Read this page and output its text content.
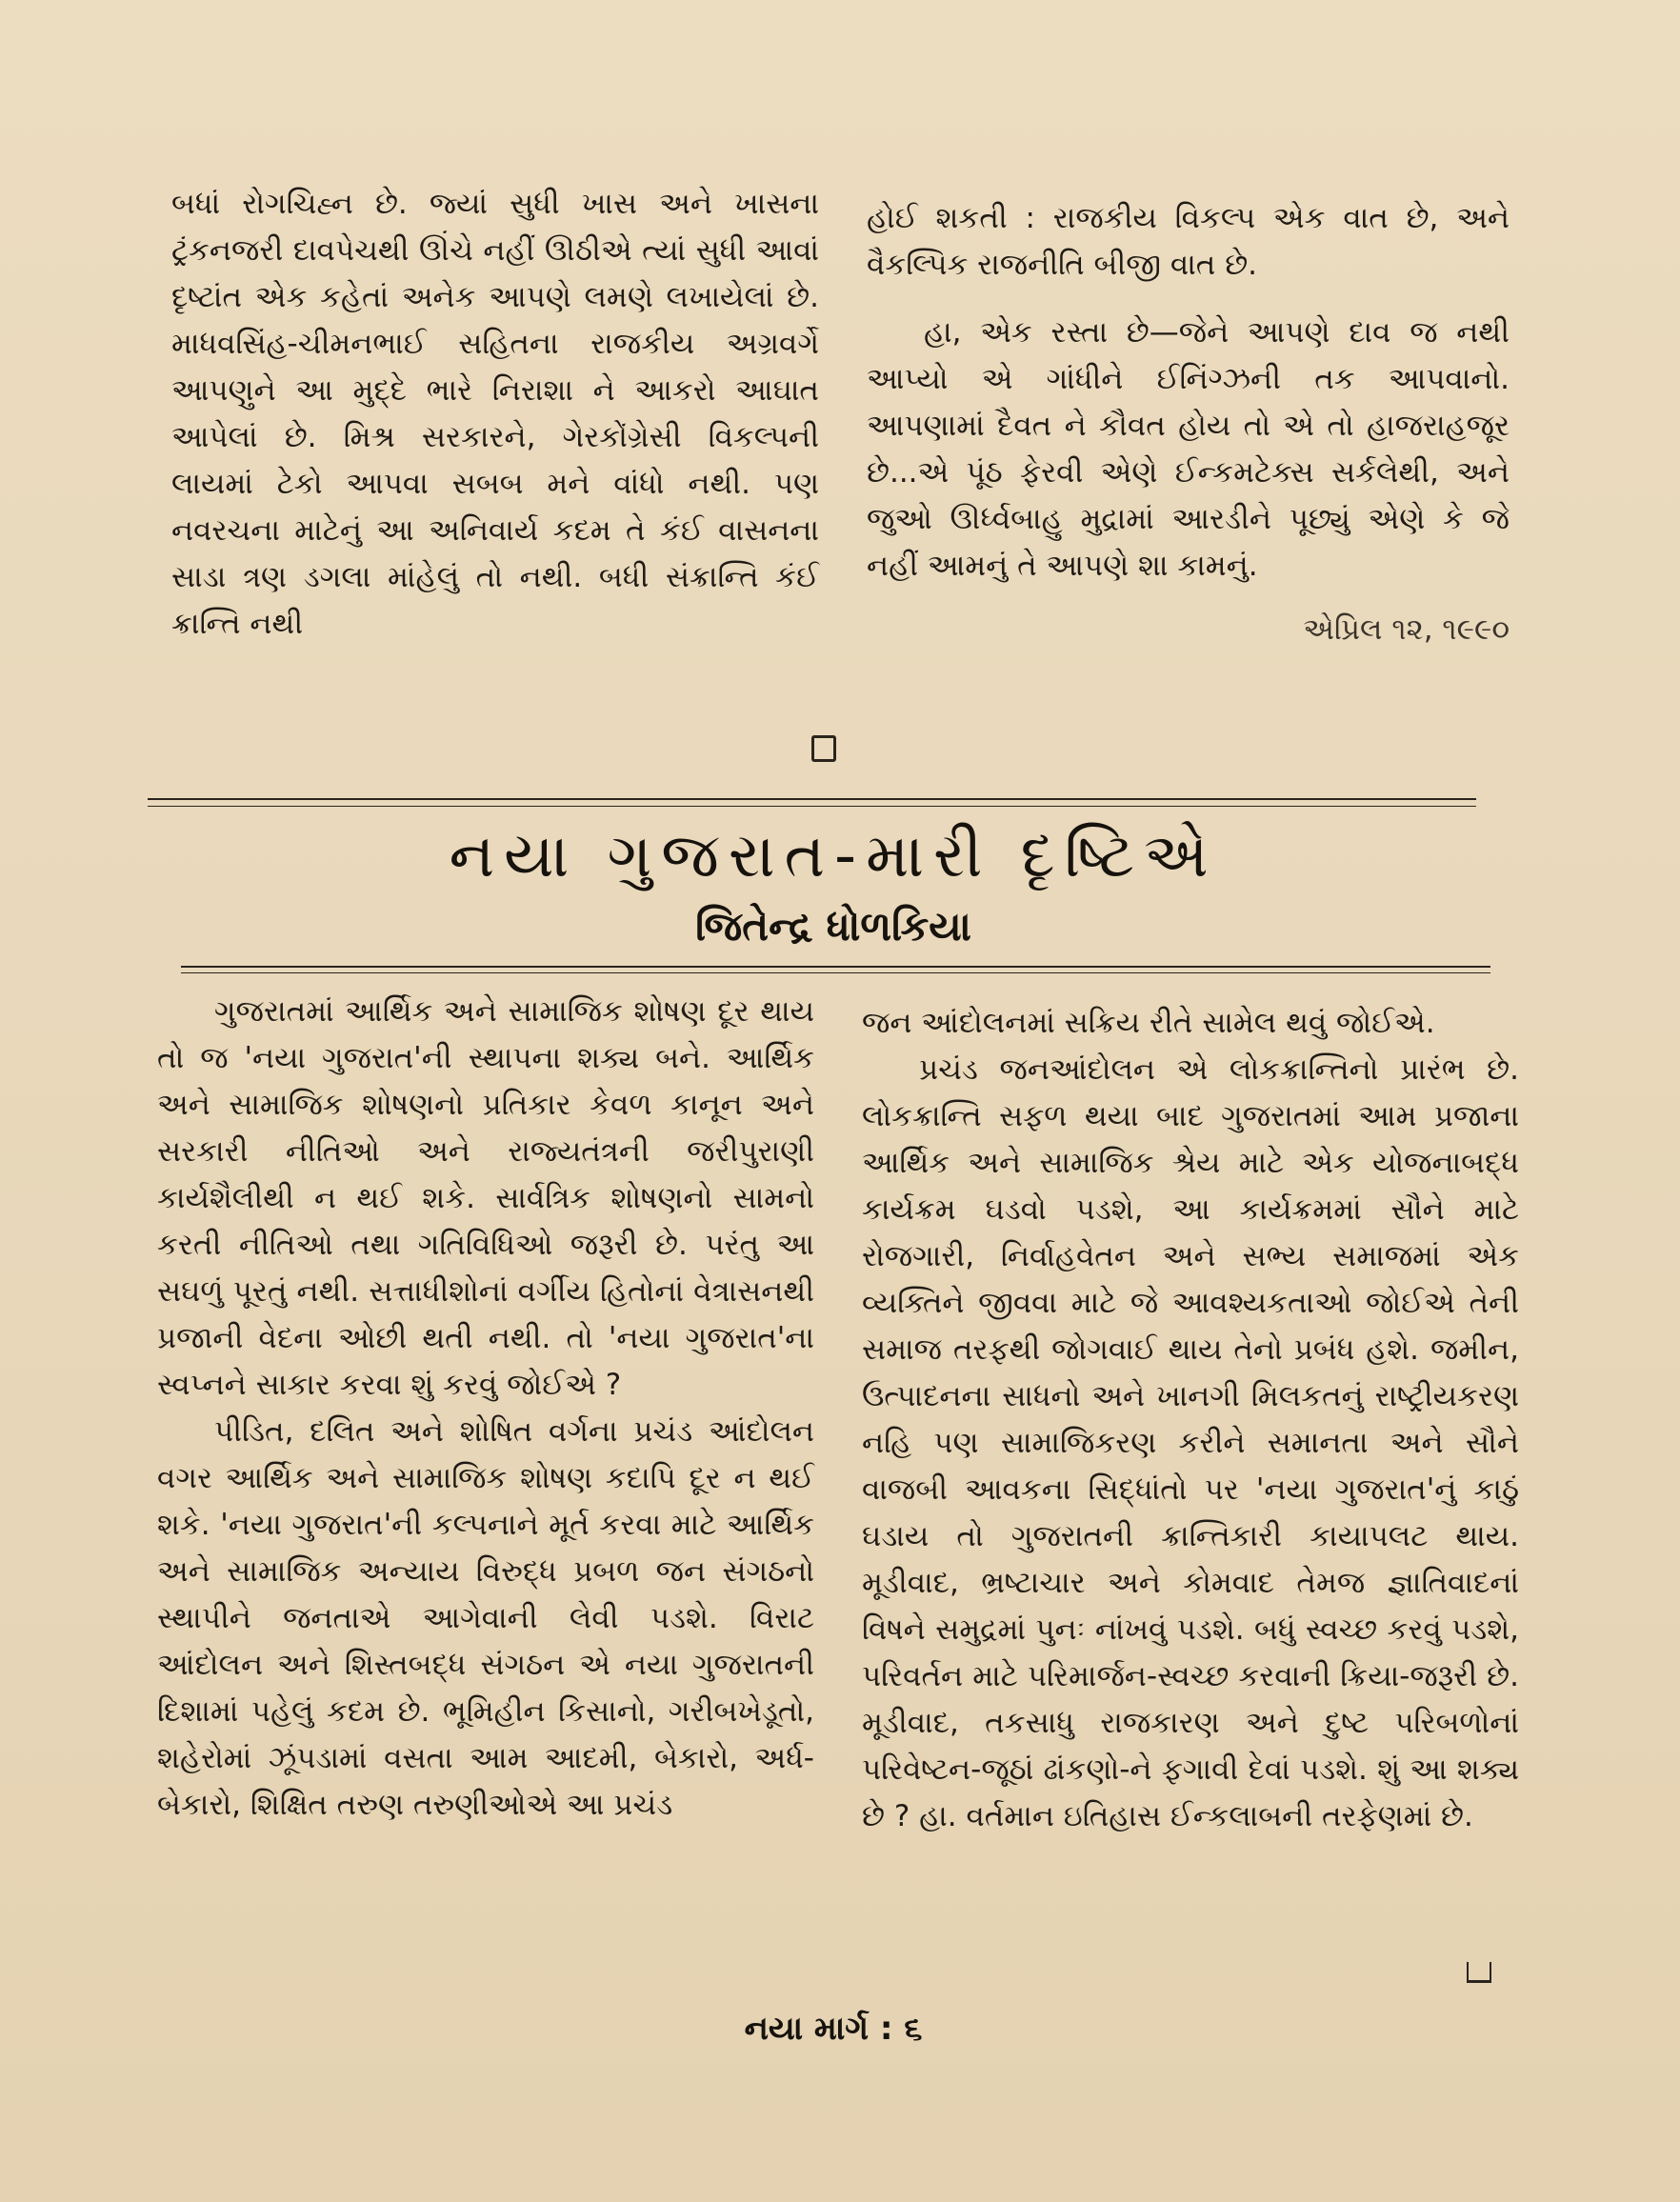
બધાં રોગચિહ્ન છે. જ્યાં સુધી ખાસ અને ખાસના ટ્રંકનજરી દાવપેચથી ઊંચે નહીં ઊઠીએ ત્યાં સુધી આવાં દૃષ્ટાંત એક કહેતાં અનેક આપણે લમણે લખાયેલાં છે. માધવસિંહ-ચીમનભાઈ સહિતના રાજકીય અગ્રવર્ગે આપણુને આ મુદ્દે ભારે નિરાશા ને આકરો આઘાત આપેલાં છે. મિશ્ર સરકારને, ગેરકોંગ્રેસી વિકલ્પની લાયમાં ટેકો આપવા સબબ મને વાંધો નથી. પણ નવરચના માટેનું આ અનિવાર્ય કદમ તે કંઈ વાસનના સાડા ત્રણ ડગલા માંહેલું તો નથી. બધી સંક્રાન્તિ કંઈ ક્રાન્તિ નથી

હોઈ શકતી : રાજકીય વિકલ્પ એક વાત છે, અને વૈકલ્પિક રાજનીતિ બીજી વાત છે.

હા, એક રસ્તા છે—જેને આપણે દાવ જ નથી આપ્યો એ ગાંધીને ઈનિંગ્ઝની તક આપવાનો. આપણામાં દૈવત ને કૌવત હોય તો એ તો હાજરાહજૂર છે...એ પૂંઠ ફેરવી એણે ઈન્કમટેક્સ સર્કલેથી, અને જુઓ ઊર્ધ્વબાહુ મુદ્રામાં આરડીને પૂછ્યું એણે કે જે નહીં આમનું તે આપણે શા કામનું.

એપ્રિલ ૧૨, ૧૯૯૦
નયા ગુજરાત-મારી દૃષ્ટિએ
જિતેન્દ્ર ધોળકિયા

ગુજરાતમાં આર્થિક અને સામાજિક શોષણ દૂર થાય તો જ 'નયા ગુજરાત'ની સ્થાપના શક્ય બને. આર્થિક અને સામાજિક શોષણનો પ્રતિકાર કેવળ કાનૂન અને સરકારી નીતિઓ અને રાજ્યતંત્રની જરીપુરાણી કાર્યશૈલીથી ન થઈ શકે. સાર્વત્રિક શોષણનો સામનો કરતી નીતિઓ તથા ગતિવિધિઓ જરૂરી છે. પરંતુ આ સઘળું પૂરતું નથી. સત્તાધીશોનાં વર્ગીય હિતોનાં વેત્રાસનથી પ્રજાની વેદના ઓછી થતી નથી. તો 'નયા ગુજરાત'ના સ્વપ્નને સાકાર કરવા શું કરવું જોઈએ ?

પીડિત, દલિત અને શોષિત વર્ગના પ્રચંડ આંદોલન વગર આર્થિક અને સામાજિક શોષણ કદાપિ દૂર ન થઈ શકે. 'નયા ગુજરાત'ની કલ્પનાને મૂર્ત કરવા માટે આર્થિક અને સામાજિક અન્યાય વિરુદ્ધ પ્રબળ જન સંગઠનો સ્થાપીને જનતાએ આગેવાની લેવી પડશે. વિરાટ આંદોલન અને શિસ્તબદ્ધ સંગઠન એ નયા ગુજરાતની દિશામાં પહેલું કદમ છે. ભૂમિહીન કિસાનો, ગરીબખેડૂતો, શહેરોમાં ઝૂંપડામાં વસતા આમ આદમી, બેકારો, અર્ધ-બેકારો, શિક્ષિત તરુણ તરુણીઓએ આ પ્રચંડ

જન આંદોલનમાં સક્રિય રીતે સામેલ થવું જોઈએ.

પ્રચંડ જનઆંદોલન એ લોકક્રાન્તિનો પ્રારંભ છે. લોકક્રાન્તિ સફળ થયા બાદ ગુજરાતમાં આમ પ્રજાના આર્થિક અને સામાજિક શ્રેય માટે એક યોજનાબદ્ધ કાર્યક્રમ ઘડવો પડશે, આ કાર્યક્રમમાં સૌને માટે રોજગારી, નિર્વાહવેતન અને સભ્ય સમાજમાં એક વ્યક્તિને જીવવા માટે જે આવશ્યકતાઓ જોઈએ તેની સમાજ તરફથી જોગવાઈ થાય તેનો પ્રબંધ હશે. જમીન, ઉત્પાદનના સાધનો અને ખાનગી મિલકતનું રાષ્ટ્રીયકરણ નહિ પણ સામાજિકરણ કરીને સમાનતા અને સૌને વાજબી આવકના સિદ્ધાંતો પર 'નયા ગુજરાત'નું કાઠું ઘડાય તો ગુજરાતની ક્રાન્તિકારી કાયાપલટ થાય. મૂડીવાદ, ભ્રષ્ટાચાર અને કોમવાદ તેમજ જ્ઞાતિવાદનાં વિષને સમુદ્રમાં પુનઃ નાંખવું પડશે. બધું સ્વચ્છ કરવું પડશે, પરિવર્તન માટે પરિમાર્જન-સ્વચ્છ કરવાની ક્રિયા-જરૂરી છે. મૂડીવાદ, તકસાધુ રાજકારણ અને દુષ્ટ પરિબળોનાં પરિવેષ્ટન-જૂઠાં ઢાંકણો-ને ફગાવી દેવાં પડશે. શું આ શક્ય છે ? હા. વર્તમાન ઇતિહાસ ઈન્કલાબની તરફેણમાં છે.

નયા માર્ગ : ૬
